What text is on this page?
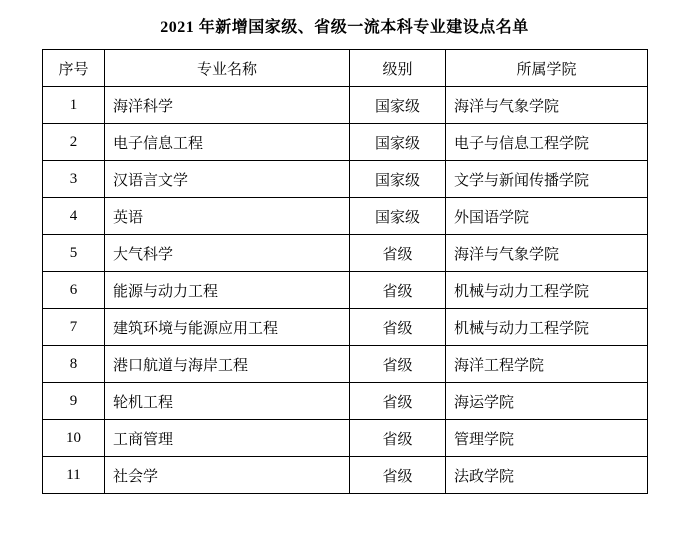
2021 年新增国家级、省级一流本科专业建设点名单
序号	专业名称	级别	所属学院
1	海洋科学	国家级	海洋与气象学院
2	电子信息工程	国家级	电子与信息工程学院
3	汉语言文学	国家级	文学与新闻传播学院
4	英语	国家级	外国语学院
5	大气科学	省级	海洋与气象学院
6	能源与动力工程	省级	机械与动力工程学院
7	建筑环境与能源应用工程	省级	机械与动力工程学院
8	港口航道与海岸工程	省级	海洋工程学院
9	轮机工程	省级	海运学院
10	工商管理	省级	管理学院
11	社会学	省级	法政学院
